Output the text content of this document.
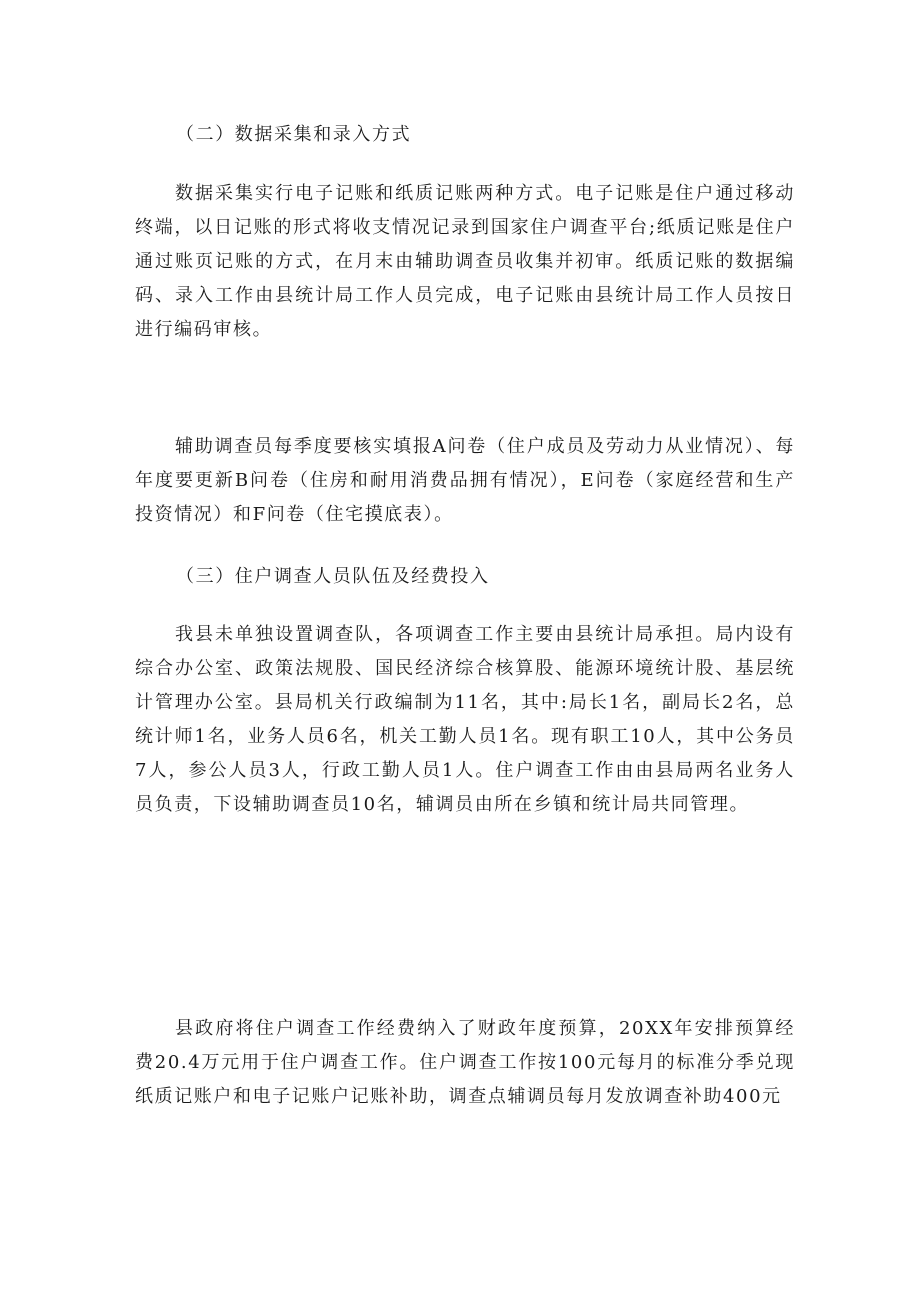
（二）数据采集和录入方式

数据采集实行电子记账和纸质记账两种方式。电子记账是住户通过移动终端，以日记账的形式将收支情况记录到国家住户调查平台;纸质记账是住户通过账页记账的方式，在月末由辅助调查员收集并初审。纸质记账的数据编码、录入工作由县统计局工作人员完成，电子记账由县统计局工作人员按日进行编码审核。

辅助调查员每季度要核实填报A问卷（住户成员及劳动力从业情况）、每年度要更新B问卷（住房和耐用消费品拥有情况），E问卷（家庭经营和生产投资情况）和F问卷（住宅摸底表）。

（三）住户调查人员队伍及经费投入

我县未单独设置调查队，各项调查工作主要由县统计局承担。局内设有综合办公室、政策法规股、国民经济综合核算股、能源环境统计股、基层统计管理办公室。县局机关行政编制为11名，其中:局长1名，副局长2名，总统计师1名，业务人员6名，机关工勤人员1名。现有职工10人，其中公务员7人，参公人员3人，行政工勤人员1人。住户调查工作由由县局两名业务人员负责，下设辅助调查员10名，辅调员由所在乡镇和统计局共同管理。

县政府将住户调查工作经费纳入了财政年度预算，20XX年安排预算经费20.4万元用于住户调查工作。住户调查工作按100元每月的标准分季兑现纸质记账户和电子记账户记账补助，调查点辅调员每月发放调查补助400元
